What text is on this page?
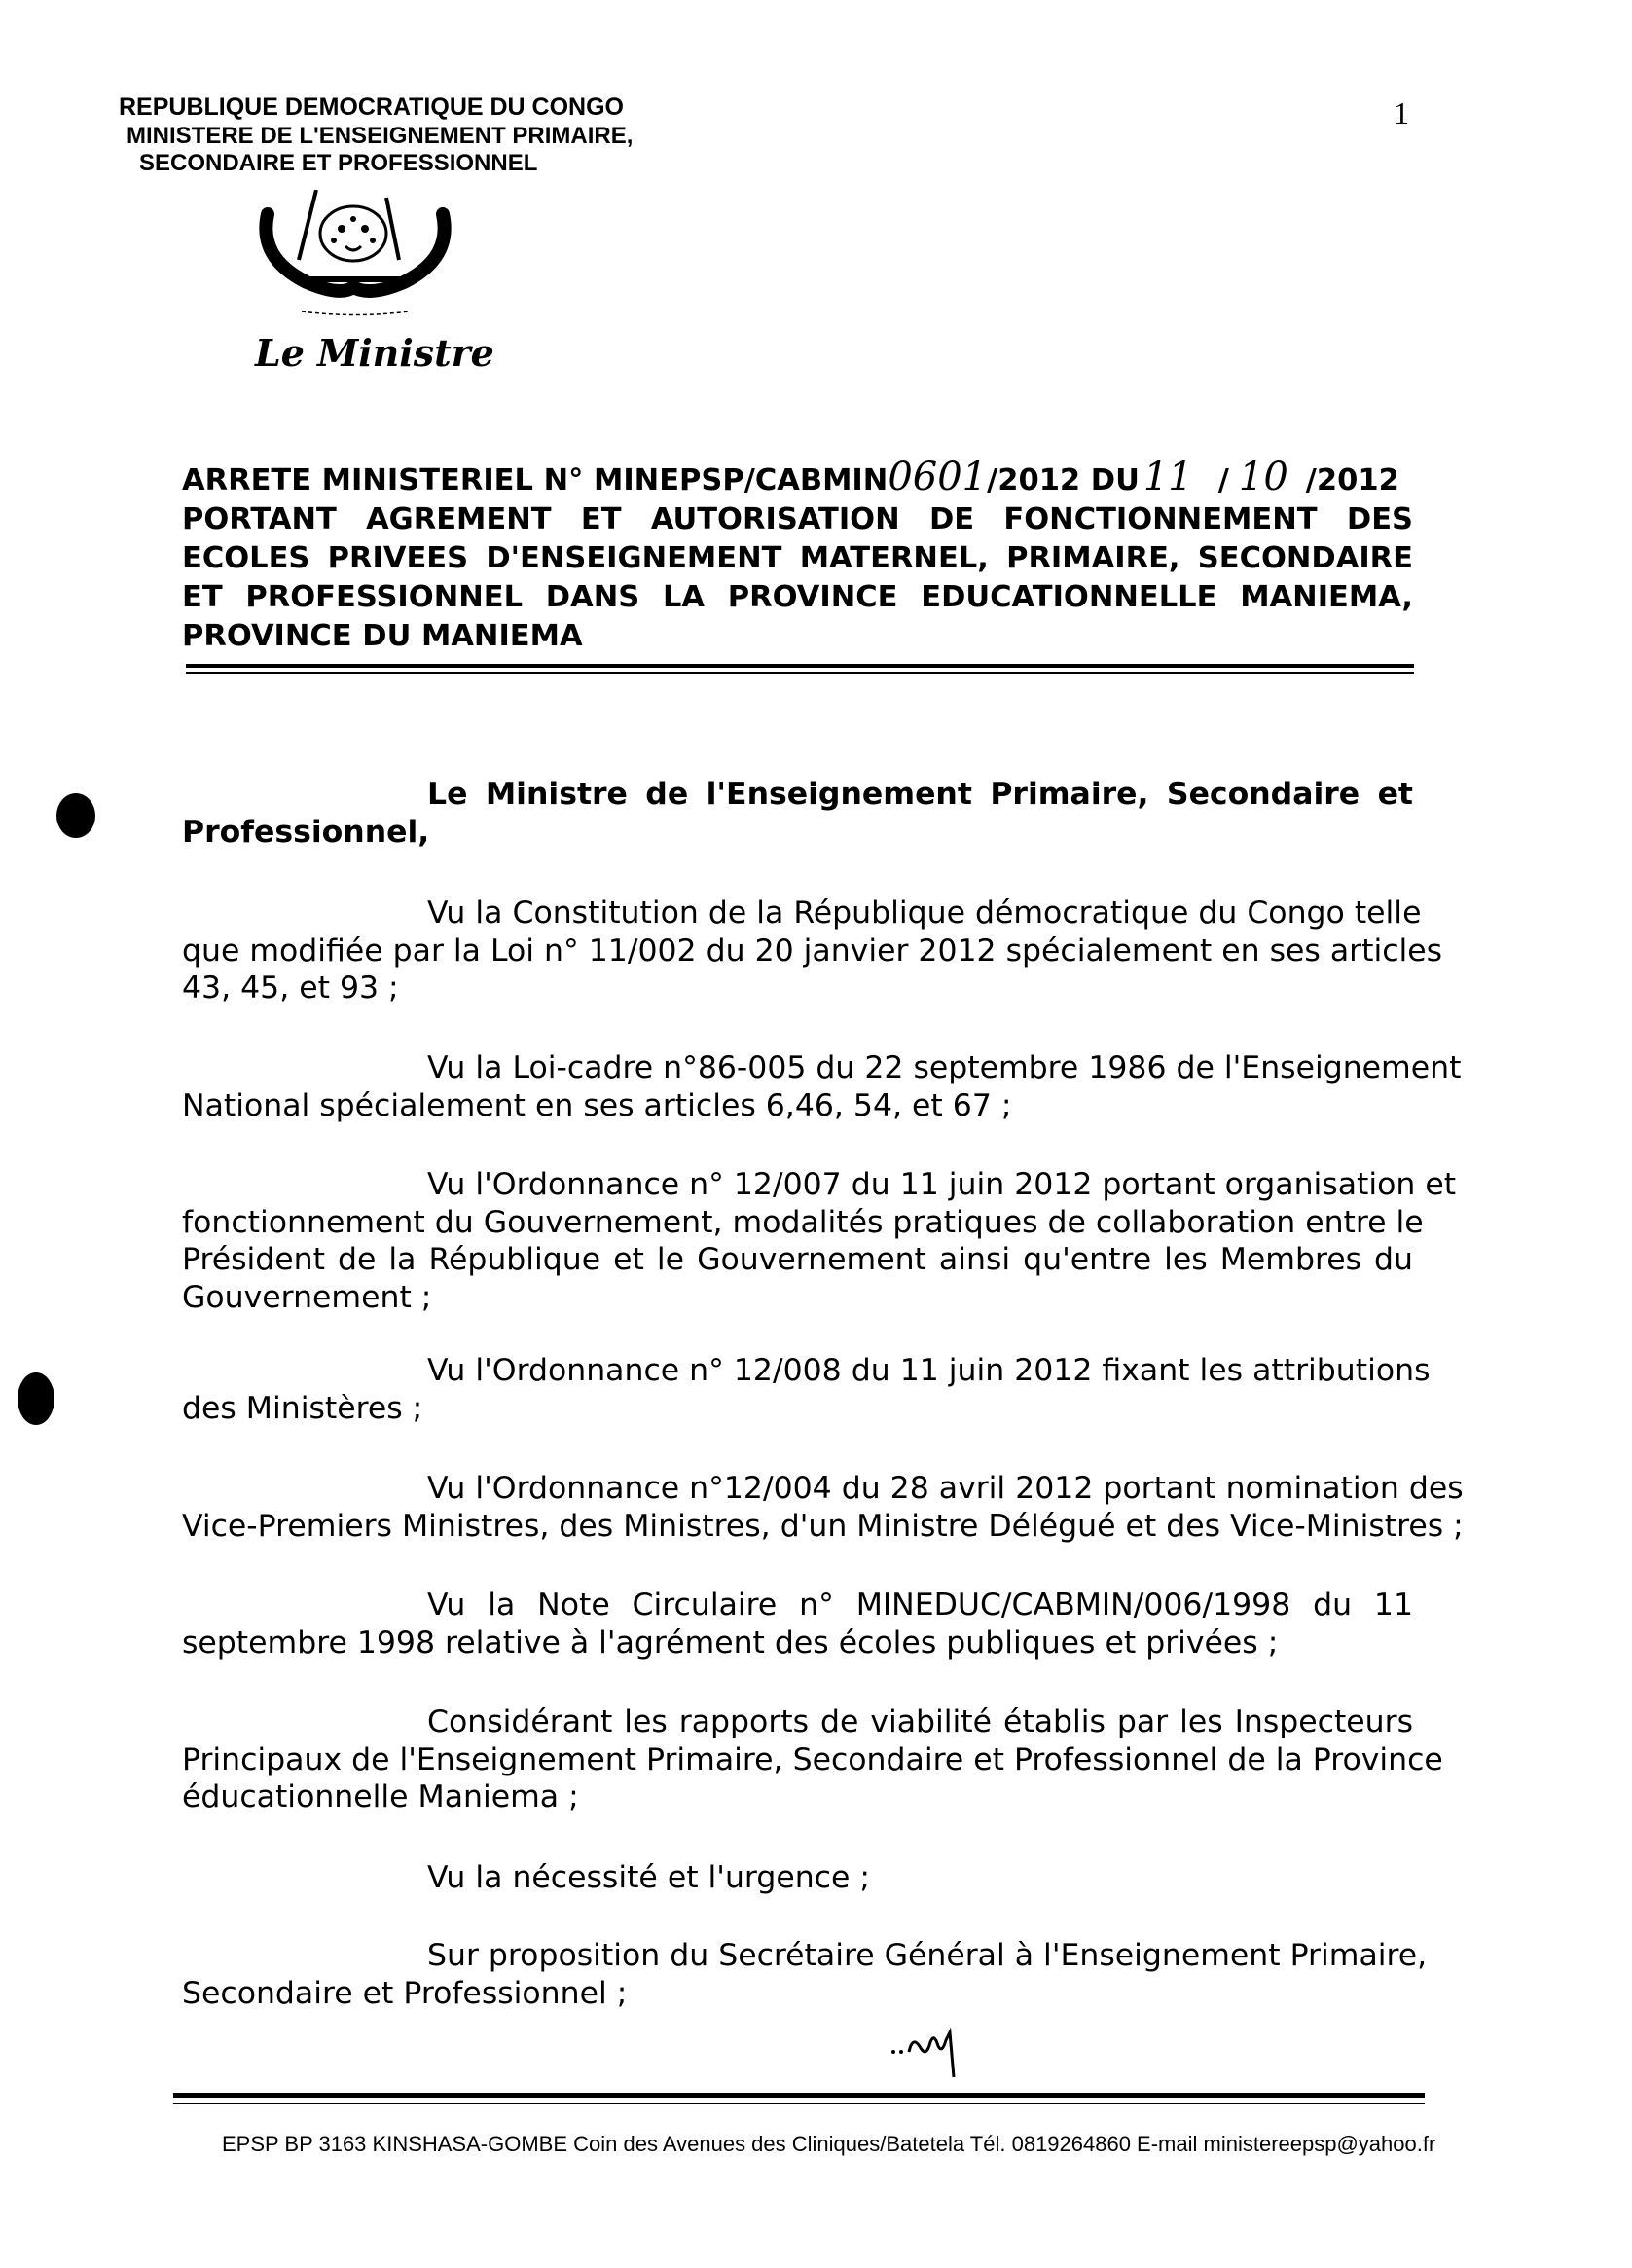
REPUBLIQUE DEMOCRATIQUE DU CONGO
MINISTERE DE L'ENSEIGNEMENT PRIMAIRE,
SECONDAIRE ET PROFESSIONNEL
1
Le Ministre
ARRETE MINISTERIEL N° MINEPSP/CABMIN0601/2012 DU 11 / 10 /2012
PORTANT AGREMENT ET AUTORISATION DE FONCTIONNEMENT DES
ECOLES PRIVEES D'ENSEIGNEMENT MATERNEL, PRIMAIRE, SECONDAIRE
ET PROFESSIONNEL DANS LA PROVINCE EDUCATIONNELLE MANIEMA,
PROVINCE DU MANIEMA
Le Ministre de l'Enseignement Primaire, Secondaire et
Professionnel,
Vu la Constitution de la République démocratique du Congo telle
que modifiée par la Loi n° 11/002 du 20 janvier 2012 spécialement en ses articles
43, 45, et 93 ;
Vu la Loi-cadre n°86-005 du 22 septembre 1986 de l'Enseignement
National spécialement en ses articles 6,46, 54, et 67 ;
Vu l'Ordonnance n° 12/007 du 11 juin 2012 portant organisation et
fonctionnement du Gouvernement, modalités pratiques de collaboration entre le
Président de la République et le Gouvernement ainsi qu'entre les Membres du
Gouvernement ;
Vu l'Ordonnance n° 12/008 du 11 juin 2012 fixant les attributions
des Ministères ;
Vu l'Ordonnance n°12/004 du 28 avril 2012 portant nomination des
Vice-Premiers Ministres, des Ministres, d'un Ministre Délégué et des Vice-Ministres ;
Vu la Note Circulaire n° MINEDUC/CABMIN/006/1998 du 11
septembre 1998 relative à l'agrément des écoles publiques et privées ;
Considérant les rapports de viabilité établis par les Inspecteurs
Principaux de l'Enseignement Primaire, Secondaire et Professionnel de la Province
éducationnelle Maniema ;
Vu la nécessité et l'urgence ;
Sur proposition du Secrétaire Général à l'Enseignement Primaire,
Secondaire et Professionnel ;
EPSP BP 3163 KINSHASA-GOMBE Coin des Avenues des Cliniques/Batetela Tél. 0819264860 E-mail ministereepsp@yahoo.fr
